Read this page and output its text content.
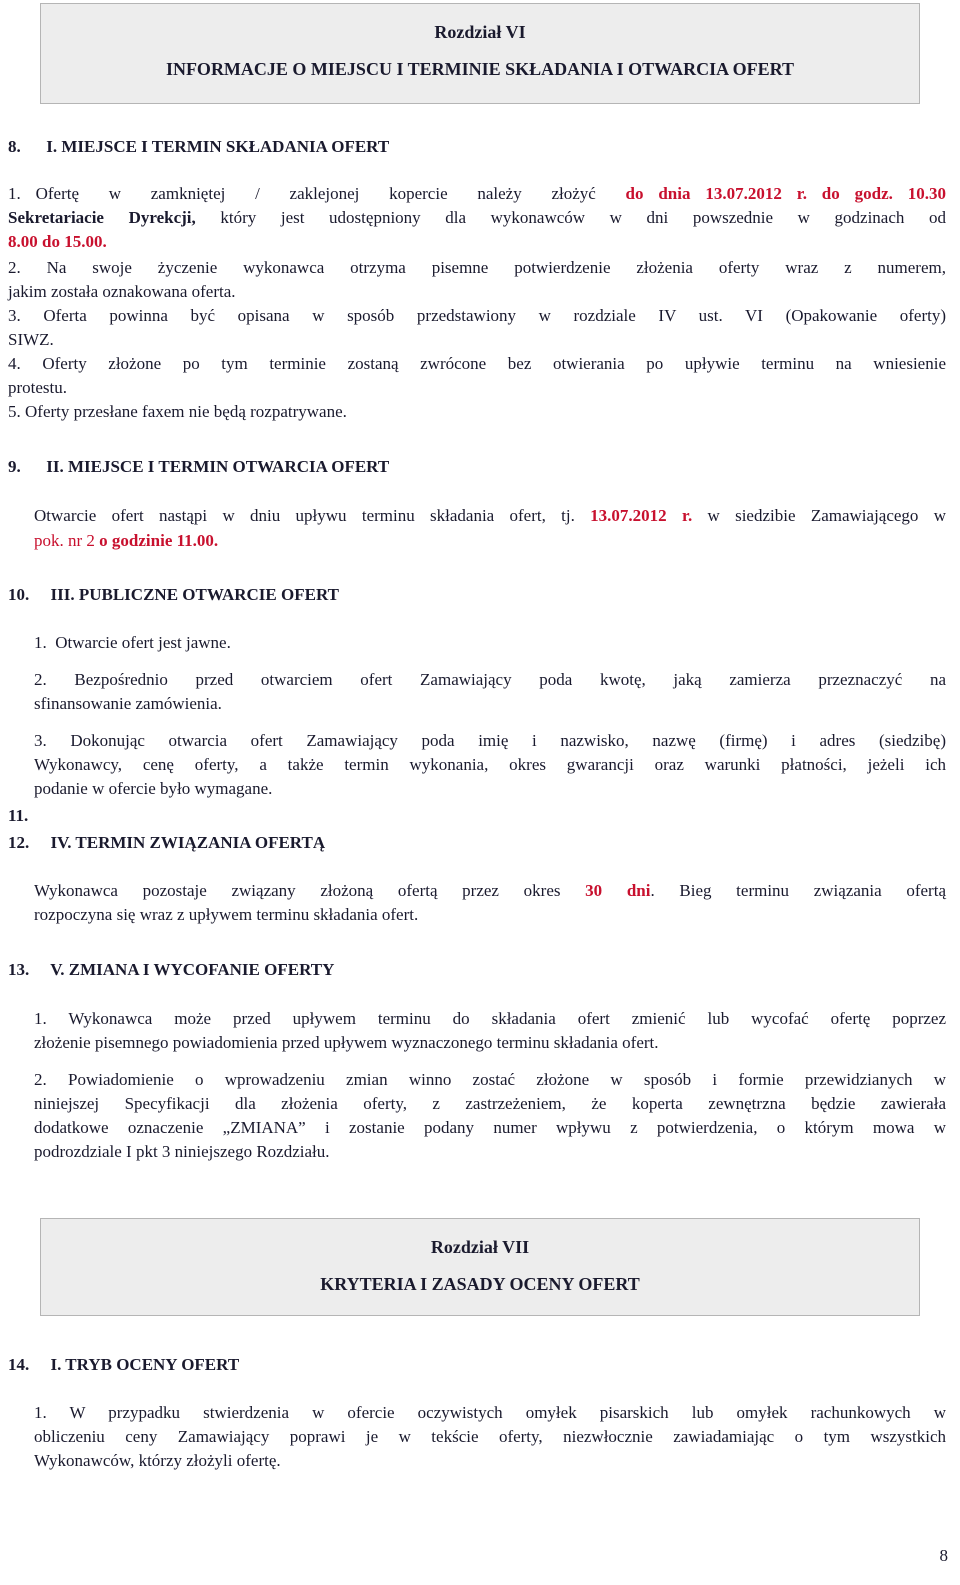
Rozdział VI
INFORMACJE O MIEJSCU I TERMINIE SKŁADANIA I OTWARCIA OFERT
8.      I. MIEJSCE I TERMIN SKŁADANIA OFERT
1. Ofertę  w  zamkniętej  /  zaklejonej  kopercie  należy  złożyć  do dnia 13.07.2012 r. do godz. 10.30
Sekretariacie Dyrekcji, który jest udostępniony dla wykonawców w dni powszednie w godzinach od
8.00 do 15.00.
2. Na swoje życzenie wykonawca otrzyma pisemne potwierdzenie złożenia oferty wraz z numerem,
jakim została oznakowana oferta.
3. Oferta powinna być opisana w sposób przedstawiony w rozdziale IV ust. VI (Opakowanie oferty)
SIWZ.
4. Oferty złożone po tym terminie zostaną zwrócone bez otwierania po upływie terminu na wniesienie
protestu.
5. Oferty przesłane faxem nie będą rozpatrywane.
9.      II. MIEJSCE I TERMIN OTWARCIA OFERT
Otwarcie ofert nastąpi w dniu upływu terminu składania ofert, tj. 13.07.2012 r. w siedzibie Zamawiającego w
pok. nr 2 o godzinie 11.00.
10.     III. PUBLICZNE OTWARCIE OFERT
1.  Otwarcie ofert jest jawne.
2. Bezpośrednio przed otwarciem ofert Zamawiający poda kwotę, jaką zamierza przeznaczyć na
sfinansowanie zamówienia.
3. Dokonując otwarcia ofert Zamawiający poda imię i nazwisko, nazwę (firmę) i adres (siedzibę)
Wykonawcy, cenę oferty, a także termin wykonania, okres gwarancji oraz warunki płatności, jeżeli ich
podanie w ofercie było wymagane.
11.
12.     IV. TERMIN ZWIĄZANIA OFERTĄ
Wykonawca pozostaje związany złożoną ofertą przez okres 30 dni. Bieg terminu związania ofertą
rozpoczyna się wraz z upływem terminu składania ofert.
13.     V. ZMIANA I WYCOFANIE OFERTY
1. Wykonawca może przed upływem terminu do składania ofert zmienić lub wycofać ofertę poprzez
złożenie pisemnego powiadomienia przed upływem wyznaczonego terminu składania ofert.
2. Powiadomienie o wprowadzeniu zmian winno zostać złożone w sposób i formie przewidzianych w
niniejszej Specyfikacji dla złożenia oferty, z zastrzeżeniem, że koperta zewnętrzna będzie zawierała
dodatkowe oznaczenie „ZMIANA” i zostanie podany numer wpływu z potwierdzenia, o którym mowa w
podrozdziale I pkt 3 niniejszego Rozdziału.
Rozdział VII
KRYTERIA I ZASADY OCENY OFERT
14.     I. TRYB OCENY OFERT
1. W przypadku stwierdzenia w ofercie oczywistych omyłek pisarskich lub omyłek rachunkowych w
obliczeniu ceny Zamawiający poprawi je w tekście oferty, niezwłocznie zawiadamiając o tym wszystkich
Wykonawców, którzy złożyli ofertę.
8
